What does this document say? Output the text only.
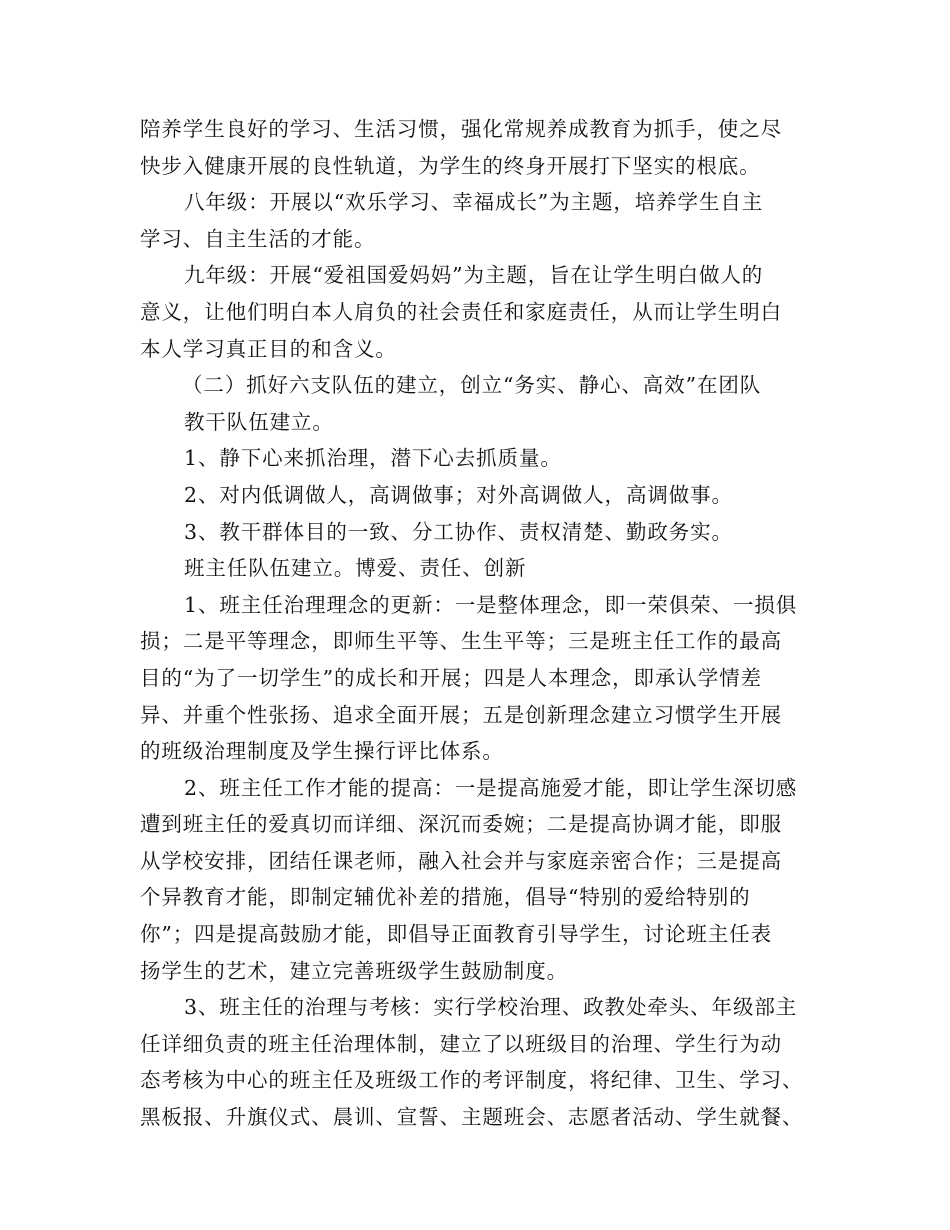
陪养学生良好的学习、生活习惯，强化常规养成教育为抓手，使之尽
快步入健康开展的良性轨道，为学生的终身开展打下坚实的根底。
八年级：开展以“欢乐学习、幸福成长”为主题，培养学生自主
学习、自主生活的才能。
九年级：开展“爱祖国爱妈妈”为主题，旨在让学生明白做人的
意义，让他们明白本人肩负的社会责任和家庭责任，从而让学生明白
本人学习真正目的和含义。
（二）抓好六支队伍的建立，创立“务实、静心、高效”在团队
教干队伍建立。
1、静下心来抓治理，潜下心去抓质量。
2、对内低调做人，高调做事；对外高调做人，高调做事。
3、教干群体目的一致、分工协作、责权清楚、勤政务实。
班主任队伍建立。博爱、责任、创新
1、班主任治理理念的更新：一是整体理念，即一荣俱荣、一损俱
损；二是平等理念，即师生平等、生生平等；三是班主任工作的最高
目的“为了一切学生”的成长和开展；四是人本理念，即承认学情差
异、并重个性张扬、追求全面开展；五是创新理念建立习惯学生开展
的班级治理制度及学生操行评比体系。
2、班主任工作才能的提高：一是提高施爱才能，即让学生深切感
遭到班主任的爱真切而详细、深沉而委婉；二是提高协调才能，即服
从学校安排，团结任课老师，融入社会并与家庭亲密合作；三是提高
个异教育才能，即制定辅优补差的措施，倡导“特别的爱给特别的
你”；四是提高鼓励才能，即倡导正面教育引导学生，讨论班主任表
扬学生的艺术，建立完善班级学生鼓励制度。
3、班主任的治理与考核：实行学校治理、政教处牵头、年级部主
任详细负责的班主任治理体制，建立了以班级目的治理、学生行为动
态考核为中心的班主任及班级工作的考评制度，将纪律、卫生、学习、
黑板报、升旗仪式、晨训、宣誓、主题班会、志愿者活动、学生就餐、
